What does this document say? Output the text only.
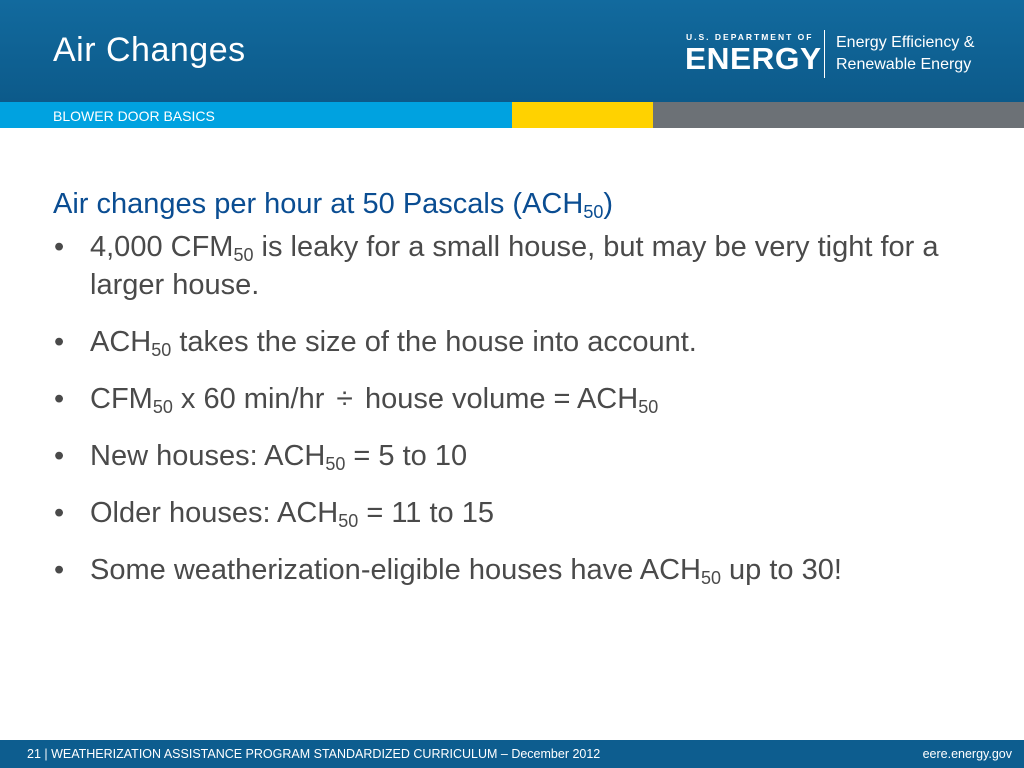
Air Changes	U.S. DEPARTMENT OF
ENERGY Energy Efficiency &
Renewable Energy
BLOWER DOOR BASICS
Air changes per hour at 50 Pascals $(ACH_{50})$
• 4,000 $CFM_{50}$ is leaky for a small house, but may be very tight for a larger house.
• $ACH_{50}$ takes the size of the house into account.
• $CFM_{50}$ x 60 min/hr ÷ house volume = $ACH_{50}$
• New houses: $ACH_{50} = 5$ to 10
• Older houses: $ACH_{50} = 11$ to 15
• Some weatherization-eligible houses have $ACH_{50}$ up to 30!
21 | WEATHERIZATION ASSISTANCE PROGRAM STANDARDIZED CURRICULUM – December 2012	eere.energy.gov
